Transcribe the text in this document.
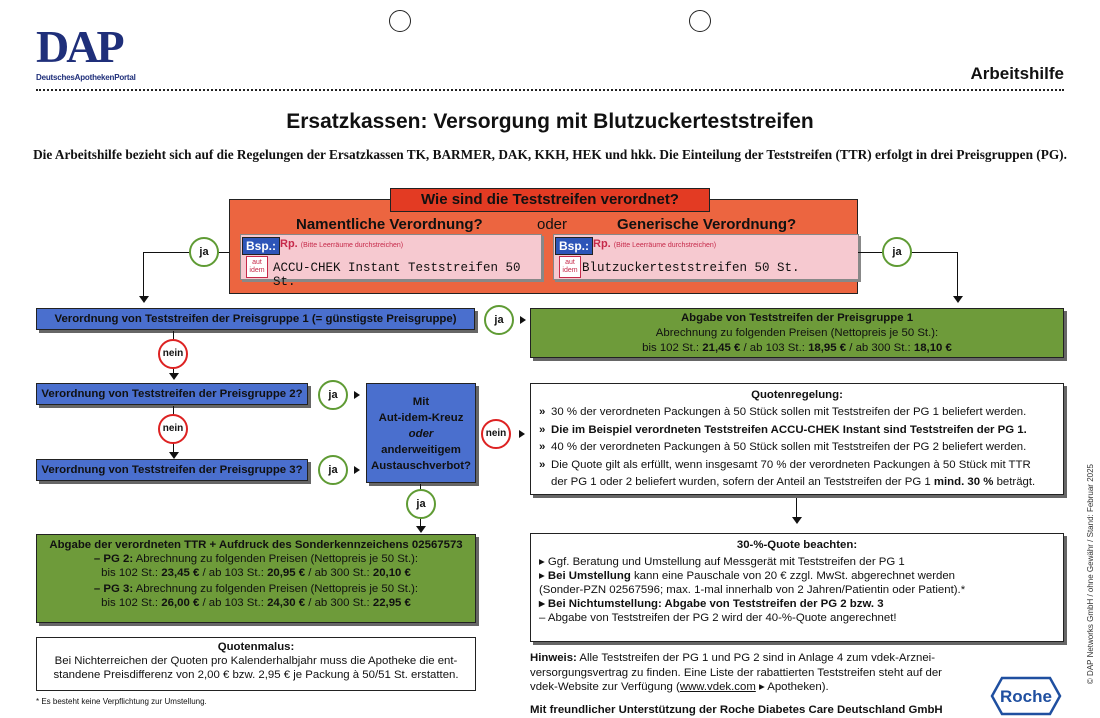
DAP
DeutschesApothekenPortal	Arbeitshilfe
Ersatzkassen: Versorgung mit Blutzuckerteststreifen
Die Arbeitshilfe bezieht sich auf die Regelungen der Ersatzkassen TK, BARMER, DAK, KKH, HEK und hkk. Die Einteilung der Teststreifen (TTR) erfolgt in drei Preisgruppen (PG).
Wie sind die Teststreifen verordnet?
Namentliche Verordnung?	oder	Generische Verordnung?
Bsp.: Rp. (Bitte Leerräume durchstreichen)
aut idem ACCU-CHEK Instant Teststreifen 50 St.
Bsp.: Rp. (Bitte Leerräume durchstreichen)
aut idem Blutzuckerteststreifen 50 St.
ja	ja
Verordnung von Teststreifen der Preisgruppe 1 (= günstigste Preisgruppe)	ja	Abgabe von Teststreifen der Preisgruppe 1
Abrechnung zu folgenden Preisen (Nettopreis je 50 St.):
bis 102 St.: 21,45 € / ab 103 St.: 18,95 € / ab 300 St.: 18,10 €
nein
Verordnung von Teststreifen der Preisgruppe 2?	ja
nein
Verordnung von Teststreifen der Preisgruppe 3?	ja
Mit
Aut-idem-Kreuz
oder
anderweitigem
Austauschverbot?
nein
ja
Quotenregelung:
» 30 % der verordneten Packungen à 50 Stück sollen mit Teststreifen der PG 1 beliefert werden.
» Die im Beispiel verordneten Teststreifen ACCU-CHEK Instant sind Teststreifen der PG 1.
» 40 % der verordneten Packungen à 50 Stück sollen mit Teststreifen der PG 2 beliefert werden.
» Die Quote gilt als erfüllt, wenn insgesamt 70 % der verordneten Packungen à 50 Stück mit TTR
der PG 1 oder 2 beliefert wurden, sofern der Anteil an Teststreifen der PG 1 mind. 30 % beträgt.
Abgabe der verordneten TTR + Aufdruck des Sonderkennzeichens 02567573
– PG 2: Abrechnung zu folgenden Preisen (Nettopreis je 50 St.):
bis 102 St.: 23,45 € / ab 103 St.: 20,95 € / ab 300 St.: 20,10 €
– PG 3: Abrechnung zu folgenden Preisen (Nettopreis je 50 St.):
bis 102 St.: 26,00 € / ab 103 St.: 24,30 € / ab 300 St.: 22,95 €
30-%-Quote beachten:
▸ Ggf. Beratung und Umstellung auf Messgerät mit Teststreifen der PG 1
▸ Bei Umstellung kann eine Pauschale von 20 € zzgl. MwSt. abgerechnet werden
(Sonder-PZN 02567596; max. 1-mal innerhalb von 2 Jahren/Patientin oder Patient).*
▸ Bei Nichtumstellung: Abgabe von Teststreifen der PG 2 bzw. 3
– Abgabe von Teststreifen der PG 2 wird der 40-%-Quote angerechnet!
Quotenmalus:
Bei Nichterreichen der Quoten pro Kalenderhalbjahr muss die Apotheke die ent-
standene Preisdifferenz von 2,00 € bzw. 2,95 € je Packung à 50/51 St. erstatten.
* Es besteht keine Verpflichtung zur Umstellung.
Hinweis: Alle Teststreifen der PG 1 und PG 2 sind in Anlage 4 zum vdek-Arznei-
versorgungsvertrag zu finden. Eine Liste der rabattierten Teststreifen steht auf der
vdek-Website zur Verfügung (www.vdek.com ▸ Apotheken).
Mit freundlicher Unterstützung der Roche Diabetes Care Deutschland GmbH
Roche
© DAP Networks GmbH / ohne Gewähr / Stand: Februar 2025
